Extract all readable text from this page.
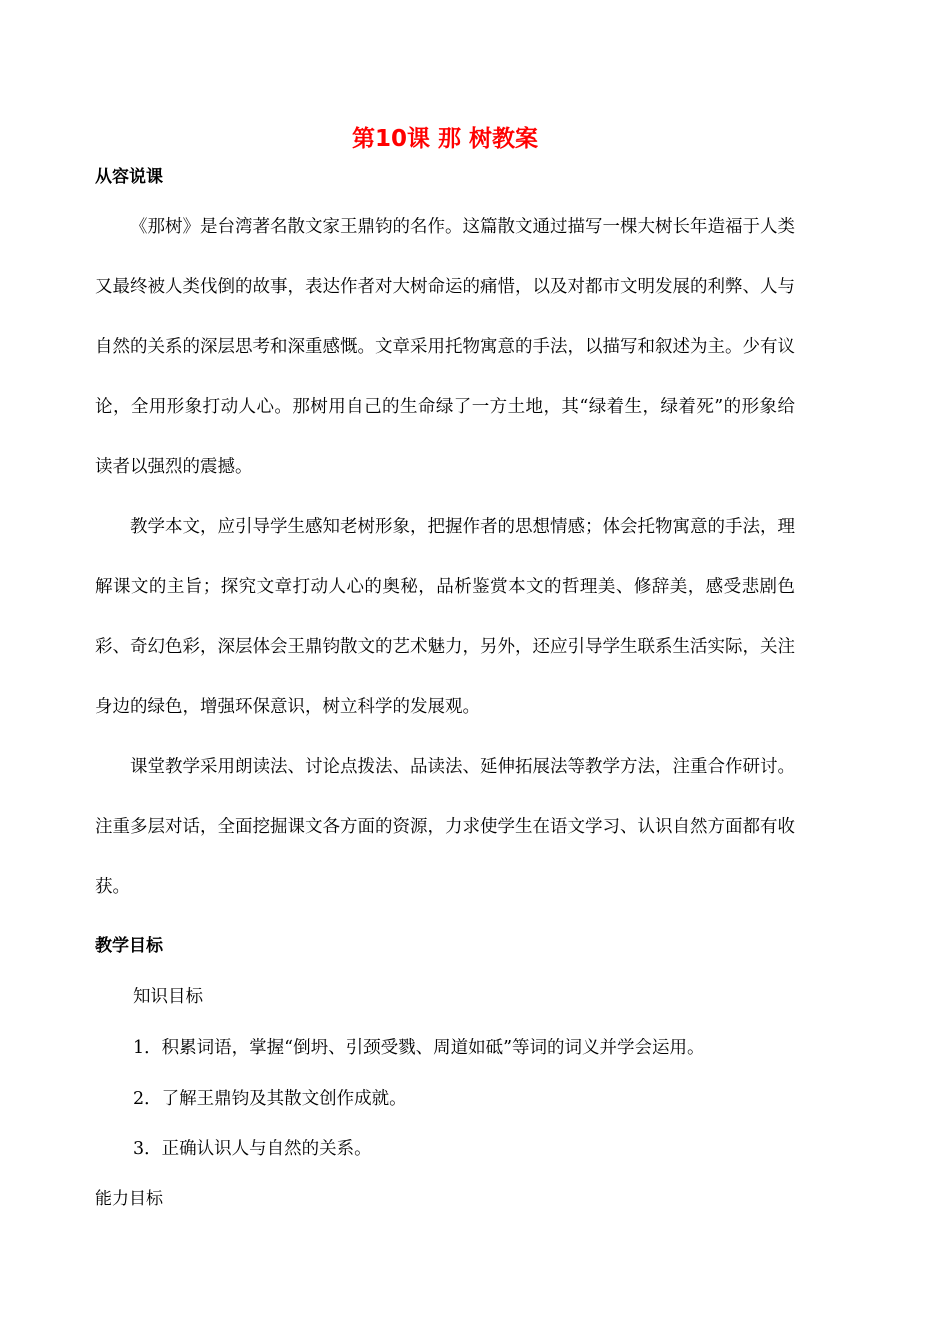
第10课 那 树教案
从容说课
《那树》是台湾著名散文家王鼎钧的名作。这篇散文通过描写一棵大树长年造福于人类又最终被人类伐倒的故事，表达作者对大树命运的痛惜，以及对都市文明发展的利弊、人与自然的关系的深层思考和深重感慨。文章采用托物寓意的手法，以描写和叙述为主。少有议论，全用形象打动人心。那树用自己的生命绿了一方土地，其“绿着生，绿着死”的形象给读者以强烈的震撼。
教学本文，应引导学生感知老树形象，把握作者的思想情感；体会托物寓意的手法，理解课文的主旨；探究文章打动人心的奥秘，品析鉴赏本文的哲理美、修辞美，感受悲剧色彩、奇幻色彩，深层体会王鼎钧散文的艺术魅力，另外，还应引导学生联系生活实际，关注身边的绿色，增强环保意识，树立科学的发展观。
课堂教学采用朗读法、讨论点拨法、品读法、延伸拓展法等教学方法，注重合作研讨。注重多层对话，全面挖掘课文各方面的资源，力求使学生在语文学习、认识自然方面都有收获。
教学目标
知识目标
1．积累词语，掌握“倒坍、引颈受戮、周道如砥”等词的词义并学会运用。
2．了解王鼎钧及其散文创作成就。
3．正确认识人与自然的关系。
能力目标
